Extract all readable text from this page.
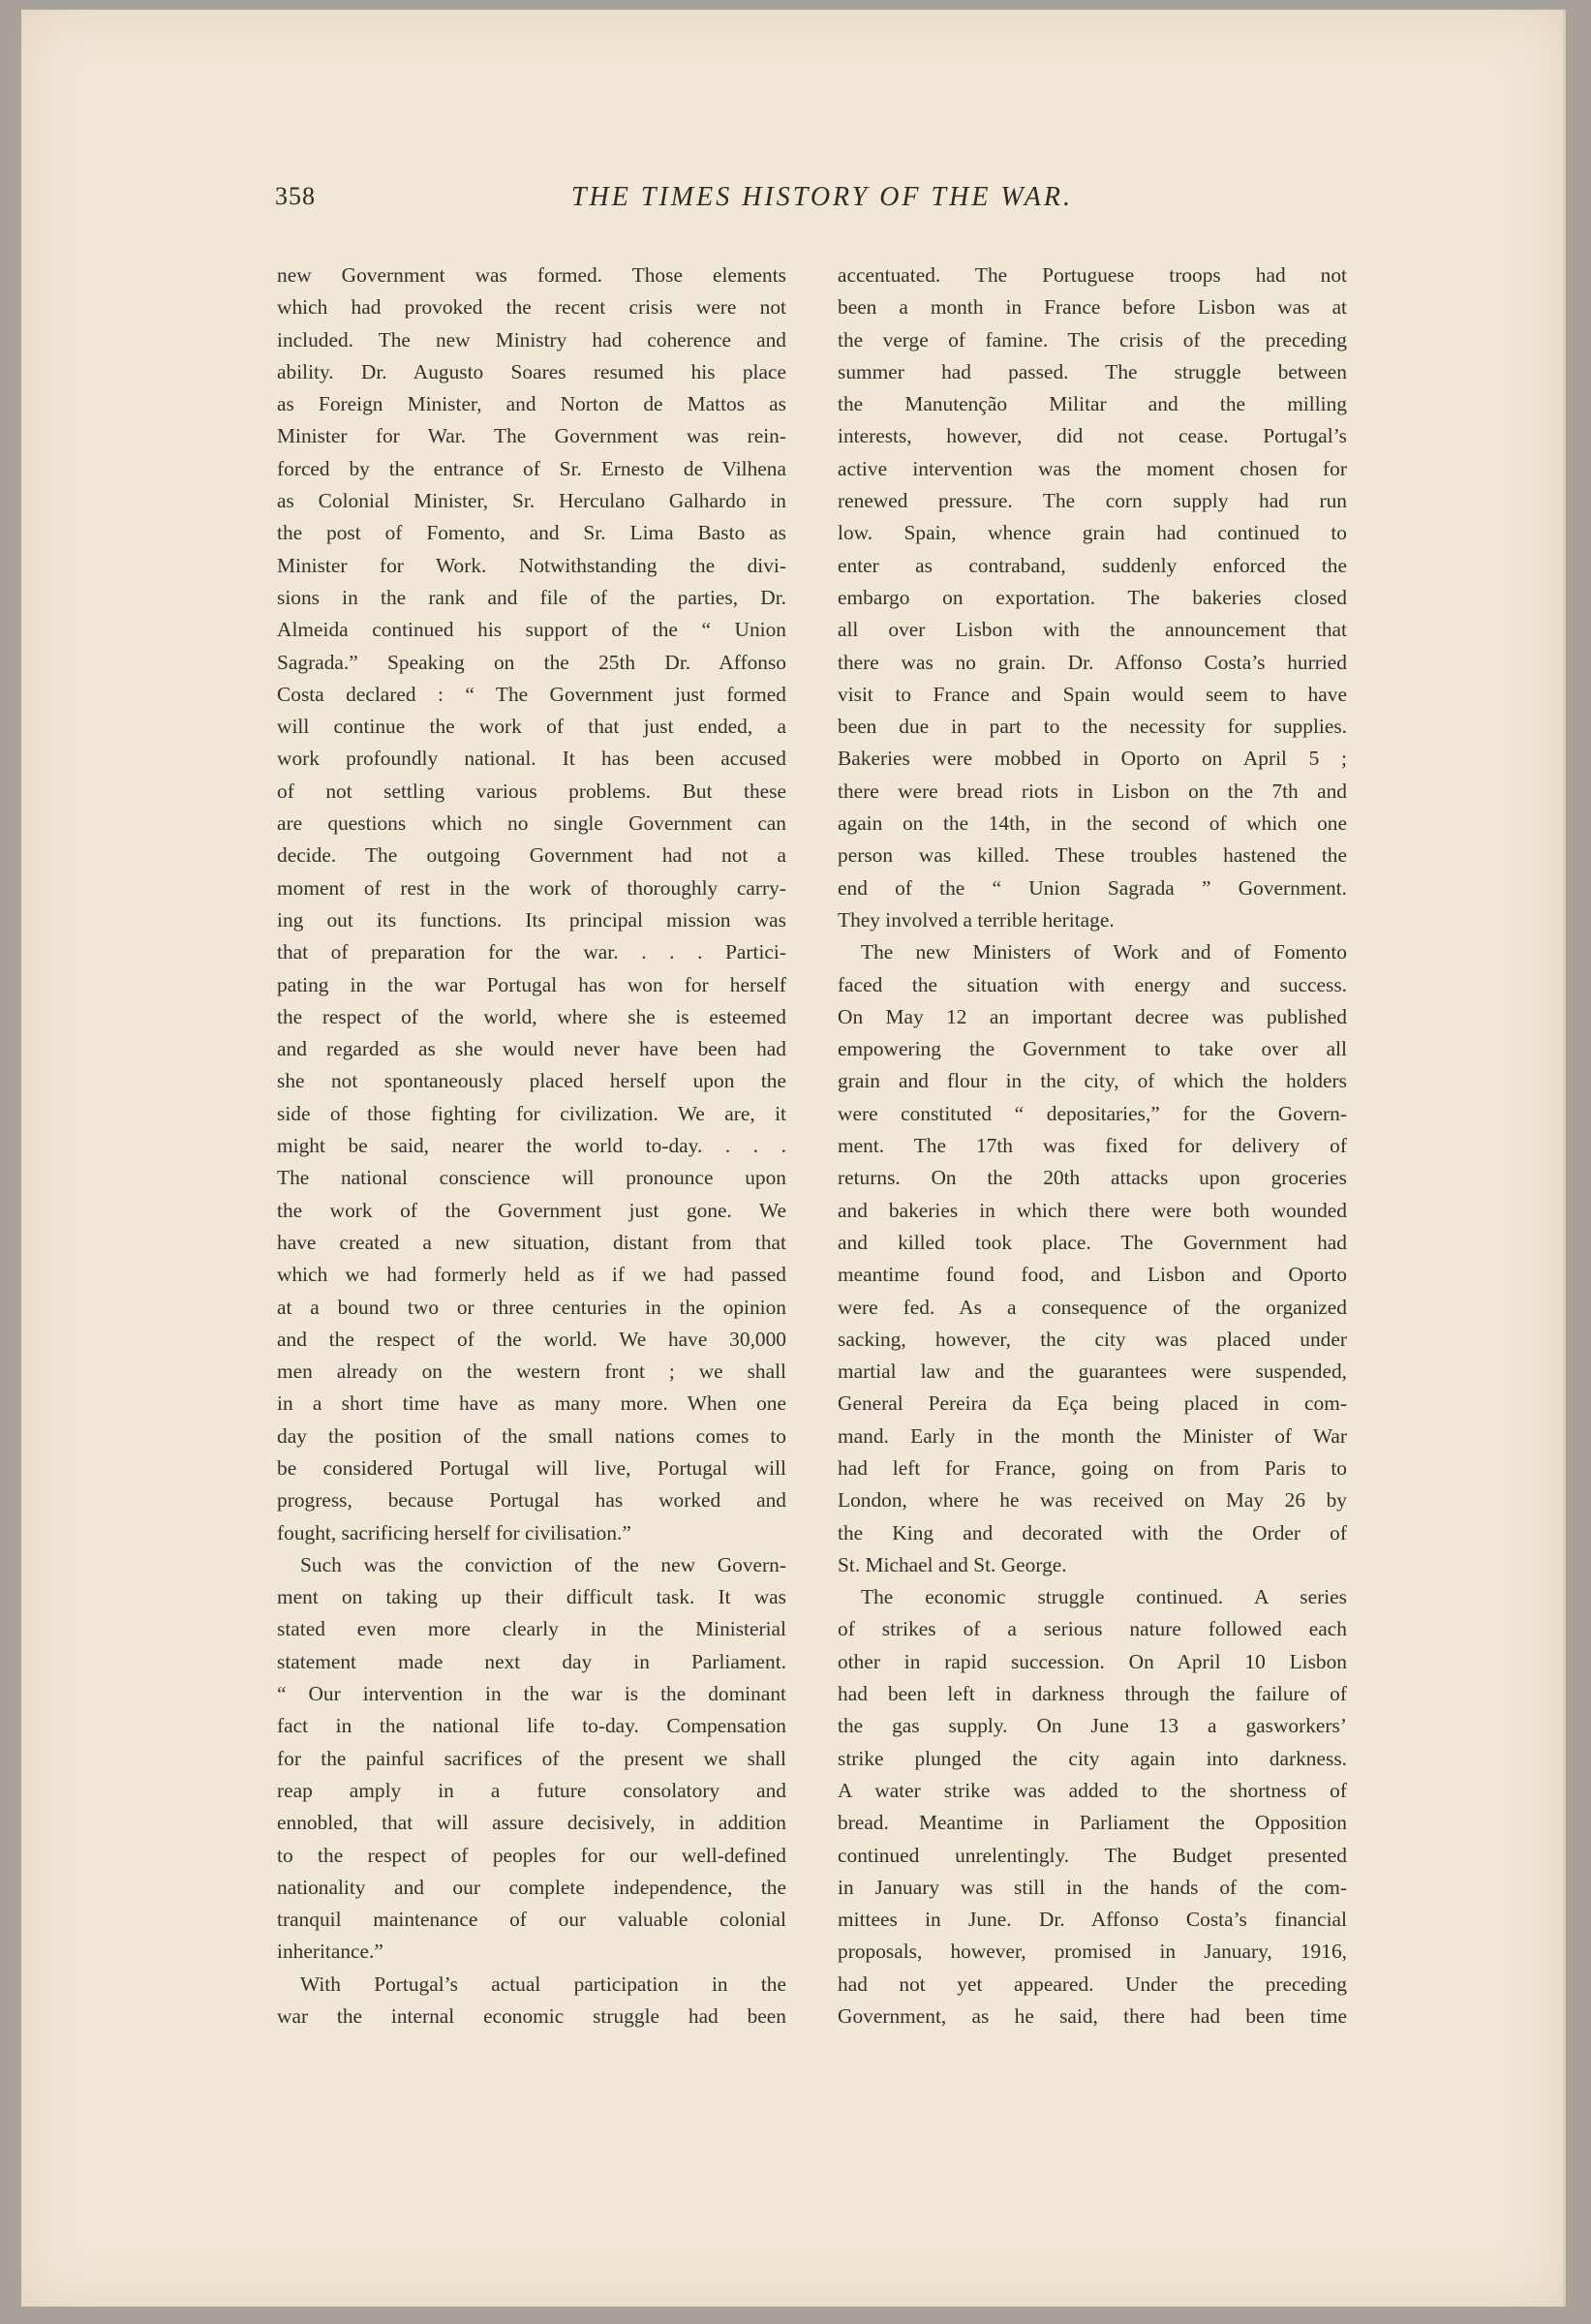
358	THE TIMES HISTORY OF THE WAR.
new Government was formed. Those elements
which had provoked the recent crisis were not
included. The new Ministry had coherence and
ability. Dr. Augusto Soares resumed his place
as Foreign Minister, and Norton de Mattos as
Minister for War. The Government was rein-
forced by the entrance of Sr. Ernesto de Vilhena
as Colonial Minister, Sr. Herculano Galhardo in
the post of Fomento, and Sr. Lima Basto as
Minister for Work. Notwithstanding the divi-
sions in the rank and file of the parties, Dr.
Almeida continued his support of the “ Union
Sagrada.” Speaking on the 25th Dr. Affonso
Costa declared : “ The Government just formed
will continue the work of that just ended, a
work profoundly national. It has been accused
of not settling various problems. But these
are questions which no single Government can
decide. The outgoing Government had not a
moment of rest in the work of thoroughly carry-
ing out its functions. Its principal mission was
that of preparation for the war. . . . Partici-
pating in the war Portugal has won for herself
the respect of the world, where she is esteemed
and regarded as she would never have been had
she not spontaneously placed herself upon the
side of those fighting for civilization. We are, it
might be said, nearer the world to-day. . . .
The national conscience will pronounce upon
the work of the Government just gone. We
have created a new situation, distant from that
which we had formerly held as if we had passed
at a bound two or three centuries in the opinion
and the respect of the world. We have 30,000
men already on the western front ; we shall
in a short time have as many more. When one
day the position of the small nations comes to
be considered Portugal will live, Portugal will
progress, because Portugal has worked and
fought, sacrificing herself for civilisation.”
Such was the conviction of the new Govern-
ment on taking up their difficult task. It was
stated even more clearly in the Ministerial
statement made next day in Parliament.
“ Our intervention in the war is the dominant
fact in the national life to-day. Compensation
for the painful sacrifices of the present we shall
reap amply in a future consolatory and
ennobled, that will assure decisively, in addition
to the respect of peoples for our well-defined
nationality and our complete independence, the
tranquil maintenance of our valuable colonial
inheritance.”
With Portugal’s actual participation in the
war the internal economic struggle had been
accentuated. The Portuguese troops had not
been a month in France before Lisbon was at
the verge of famine. The crisis of the preceding
summer had passed. The struggle between
the Manutenção Militar and the milling
interests, however, did not cease. Portugal’s
active intervention was the moment chosen for
renewed pressure. The corn supply had run
low. Spain, whence grain had continued to
enter as contraband, suddenly enforced the
embargo on exportation. The bakeries closed
all over Lisbon with the announcement that
there was no grain. Dr. Affonso Costa’s hurried
visit to France and Spain would seem to have
been due in part to the necessity for supplies.
Bakeries were mobbed in Oporto on April 5 ;
there were bread riots in Lisbon on the 7th and
again on the 14th, in the second of which one
person was killed. These troubles hastened the
end of the “ Union Sagrada ” Government.
They involved a terrible heritage.
The new Ministers of Work and of Fomento
faced the situation with energy and success.
On May 12 an important decree was published
empowering the Government to take over all
grain and flour in the city, of which the holders
were constituted “ depositaries,” for the Govern-
ment. The 17th was fixed for delivery of
returns. On the 20th attacks upon groceries
and bakeries in which there were both wounded
and killed took place. The Government had
meantime found food, and Lisbon and Oporto
were fed. As a consequence of the organized
sacking, however, the city was placed under
martial law and the guarantees were suspended,
General Pereira da Eça being placed in com-
mand. Early in the month the Minister of War
had left for France, going on from Paris to
London, where he was received on May 26 by
the King and decorated with the Order of
St. Michael and St. George.
The economic struggle continued. A series
of strikes of a serious nature followed each
other in rapid succession. On April 10 Lisbon
had been left in darkness through the failure of
the gas supply. On June 13 a gasworkers’
strike plunged the city again into darkness.
A water strike was added to the shortness of
bread. Meantime in Parliament the Opposition
continued unrelentingly. The Budget presented
in January was still in the hands of the com-
mittees in June. Dr. Affonso Costa’s financial
proposals, however, promised in January, 1916,
had not yet appeared. Under the preceding
Government, as he said, there had been time
